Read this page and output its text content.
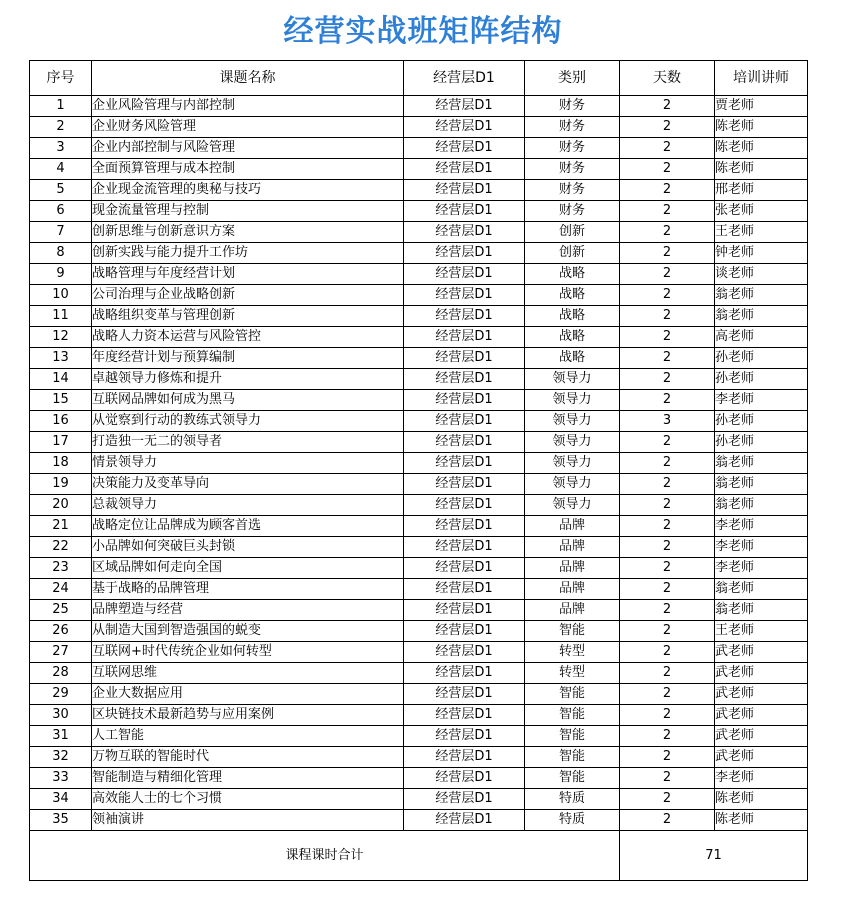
经营实战班矩阵结构
序号	课题名称	经营层D1	类别	天数	培训讲师
1	企业风险管理与内部控制	经营层D1	财务	2	贾老师
2	企业财务风险管理	经营层D1	财务	2	陈老师
3	企业内部控制与风险管理	经营层D1	财务	2	陈老师
4	全面预算管理与成本控制	经营层D1	财务	2	陈老师
5	企业现金流管理的奥秘与技巧	经营层D1	财务	2	邢老师
6	现金流量管理与控制	经营层D1	财务	2	张老师
7	创新思维与创新意识方案	经营层D1	创新	2	王老师
8	创新实践与能力提升工作坊	经营层D1	创新	2	钟老师
9	战略管理与年度经营计划	经营层D1	战略	2	谈老师
10	公司治理与企业战略创新	经营层D1	战略	2	翁老师
11	战略组织变革与管理创新	经营层D1	战略	2	翁老师
12	战略人力资本运营与风险管控	经营层D1	战略	2	高老师
13	年度经营计划与预算编制	经营层D1	战略	2	孙老师
14	卓越领导力修炼和提升	经营层D1	领导力	2	孙老师
15	互联网品牌如何成为黑马	经营层D1	领导力	2	李老师
16	从觉察到行动的教练式领导力	经营层D1	领导力	3	孙老师
17	打造独一无二的领导者	经营层D1	领导力	2	孙老师
18	情景领导力	经营层D1	领导力	2	翁老师
19	决策能力及变革导向	经营层D1	领导力	2	翁老师
20	总裁领导力	经营层D1	领导力	2	翁老师
21	战略定位让品牌成为顾客首选	经营层D1	品牌	2	李老师
22	小品牌如何突破巨头封锁	经营层D1	品牌	2	李老师
23	区域品牌如何走向全国	经营层D1	品牌	2	李老师
24	基于战略的品牌管理	经营层D1	品牌	2	翁老师
25	品牌塑造与经营	经营层D1	品牌	2	翁老师
26	从制造大国到智造强国的蜕变	经营层D1	智能	2	王老师
27	互联网+时代传统企业如何转型	经营层D1	转型	2	武老师
28	互联网思维	经营层D1	转型	2	武老师
29	企业大数据应用	经营层D1	智能	2	武老师
30	区块链技术最新趋势与应用案例	经营层D1	智能	2	武老师
31	人工智能	经营层D1	智能	2	武老师
32	万物互联的智能时代	经营层D1	智能	2	武老师
33	智能制造与精细化管理	经营层D1	智能	2	李老师
34	高效能人士的七个习惯	经营层D1	特质	2	陈老师
35	领袖演讲	经营层D1	特质	2	陈老师
课程课时合计				71	
